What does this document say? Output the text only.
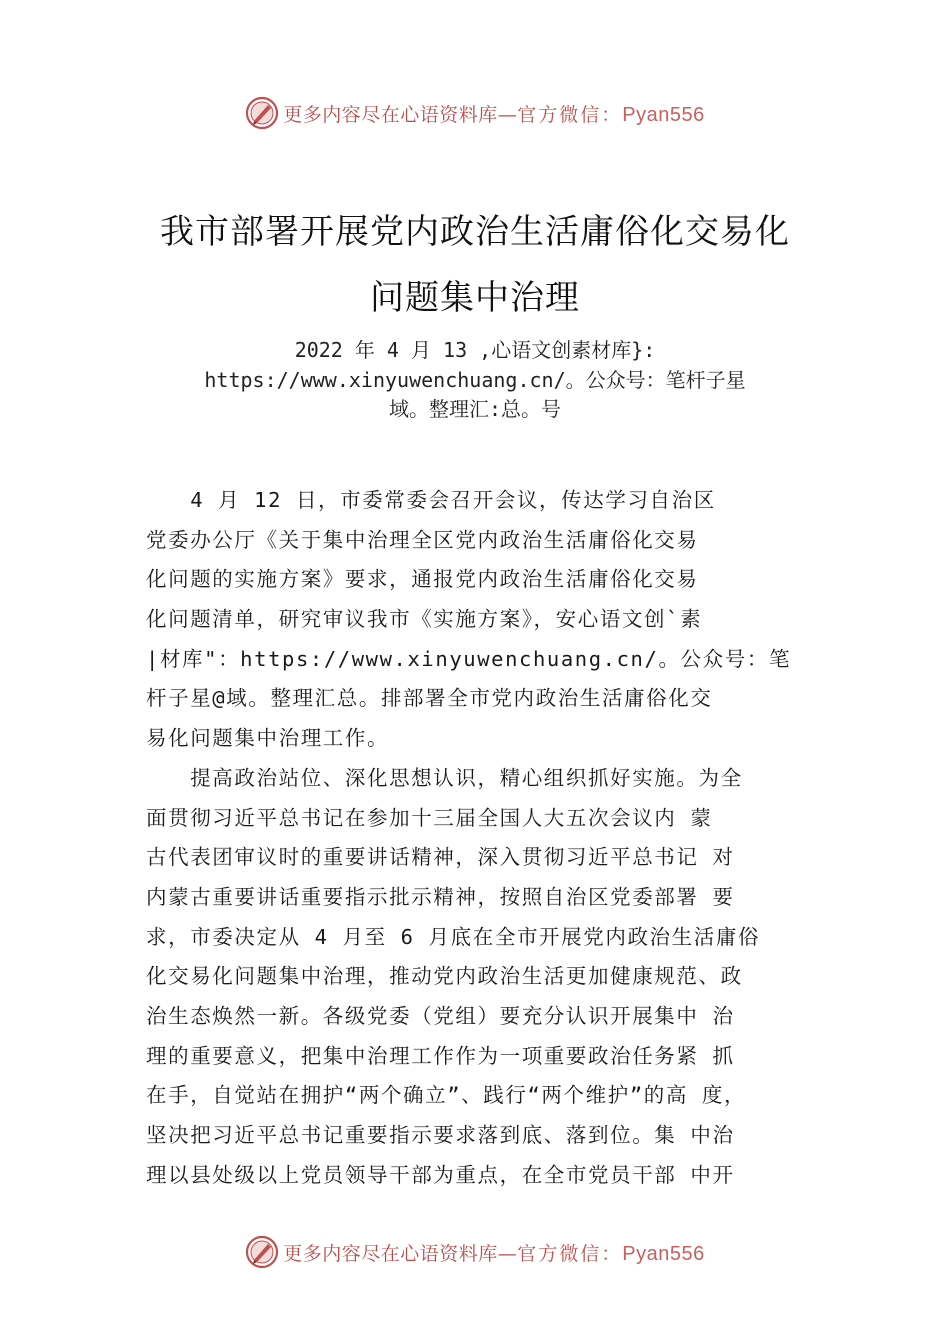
更多内容尽在心语资料库—官方微信：Pyan556
我市部署开展党内政治生活庸俗化交易化
问题集中治理

2022 年 4 月 13 ,心语文创素材库}:

https://www.xinyuwenchuang.cn/。公众号：笔杆子星

域。整理汇:总。号

　　4 月 12 日，市委常委会召开会议，传达学习自治区
党委办公厅《关于集中治理全区党内政治生活庸俗化交易
化问题的实施方案》要求，通报党内政治生活庸俗化交易
化问题清单，研究审议我市《实施方案》，安心语文创`素
|材库"：https://www.xinyuwenchuang.cn/。公众号：笔
杆子星@域。整理汇总。排部署全市党内政治生活庸俗化交
易化问题集中治理工作。
　　提高政治站位、深化思想认识，精心组织抓好实施。为全
面贯彻习近平总书记在参加十三届全国人大五次会议内 蒙
古代表团审议时的重要讲话精神，深入贯彻习近平总书记 对
内蒙古重要讲话重要指示批示精神，按照自治区党委部署 要
求，市委决定从 4 月至 6 月底在全市开展党内政治生活庸俗
化交易化问题集中治理，推动党内政治生活更加健康规范、政
治生态焕然一新。各级党委（党组）要充分认识开展集中 治
理的重要意义，把集中治理工作作为一项重要政治任务紧 抓
在手，自觉站在拥护“两个确立”、践行“两个维护”的高 度，
坚决把习近平总书记重要指示要求落到底、落到位。集 中治
理以县处级以上党员领导干部为重点，在全市党员干部 中开
更多内容尽在心语资料库—官方微信：Pyan556
